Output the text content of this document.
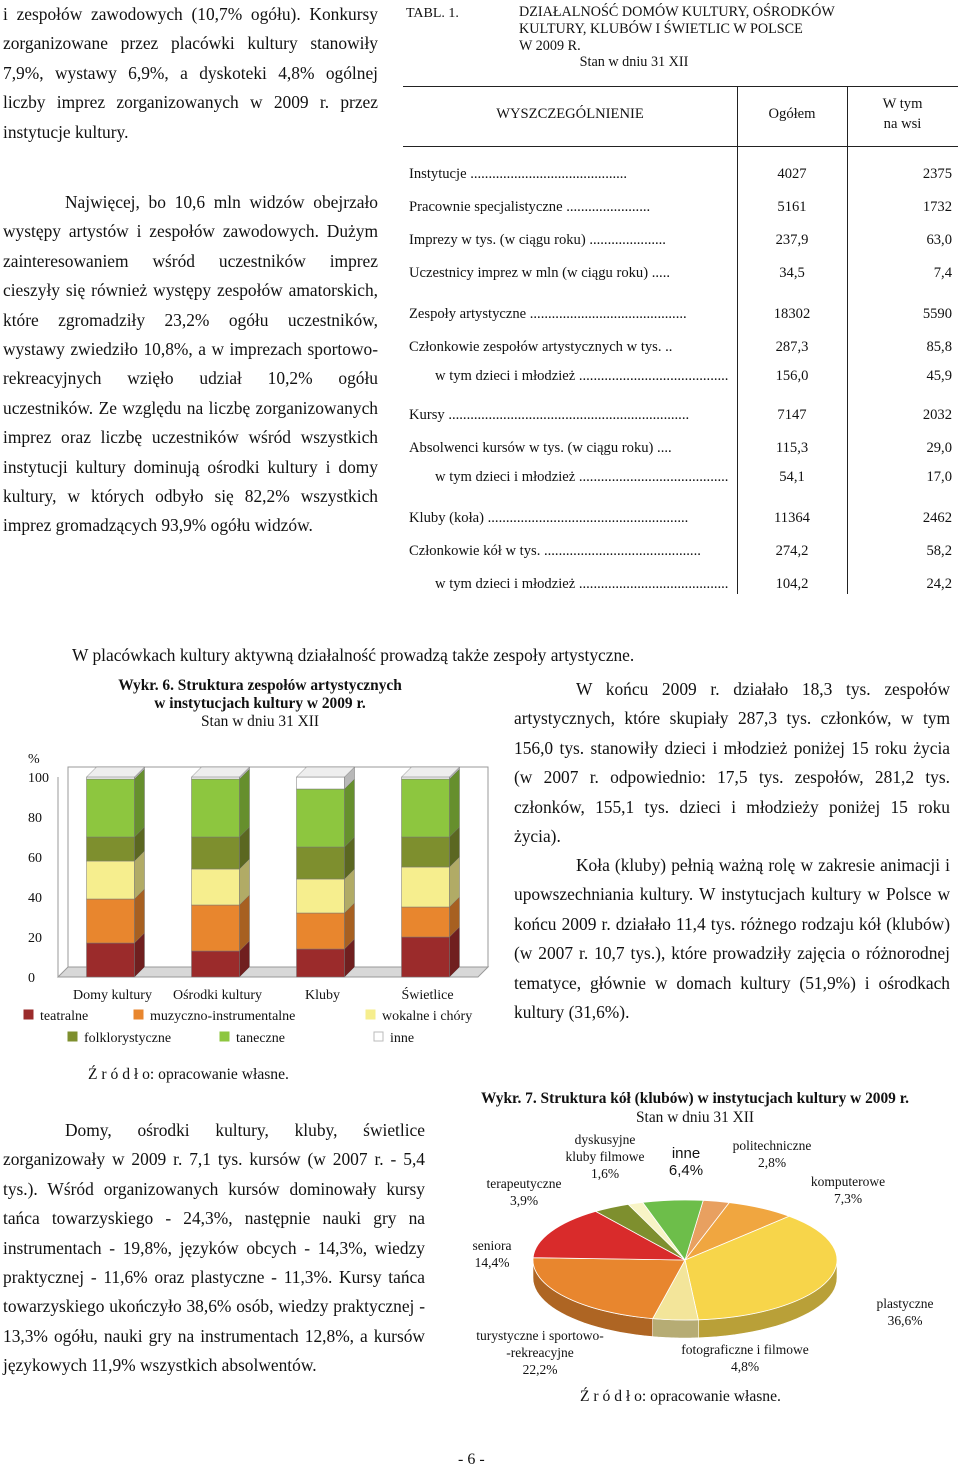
i zespołów zawodowych (10,7% ogółu). Konkursy zorganizowane przez placówki kultury stanowiły 7,9%, wystawy 6,9%, a dyskoteki 4,8% ogólnej liczby imprez zorganizowanych w 2009 r. przez instytucje kultury.

Najwięcej, bo 10,6 mln widzów obejrzało występy artystów i zespołów zawodowych. Dużym zainteresowaniem wśród uczestników imprez cieszyły się również występy zespołów amatorskich, które zgromadziły 23,2% ogółu uczestników, wystawy zwiedziło 10,8%, a w imprezach sportowo-rekreacyjnych wzięło udział 10,2% ogółu uczestników. Ze względu na liczbę zorganizowanych imprez oraz liczbę uczestników wśród wszystkich instytucji kultury dominują ośrodki kultury i domy kultury, w których odbyło się 82,2% wszystkich imprez gromadzących 93,9% ogółu widzów.

TABL. 1.	DZIAŁALNOŚĆ DOMÓW KULTURY, OŚRODKÓW
KULTURY, KLUBÓW I ŚWIETLIC W POLSCE
W 2009 R.
Stan w dniu 31 XII
WYSZCZEGÓLNIENIE	Ogółem
W tym
na wsi
Instytucje ...........................................	4027	2375
Pracownie specjalistyczne .......................	5161	1732
Imprezy w tys. (w ciągu roku) .....................	237,9	63,0
Uczestnicy imprez w mln (w ciągu roku) .....	34,5	7,4
Zespoły artystyczne ...........................................	18302	5590
Członkowie zespołów artystycznych w tys. ..	287,3	85,8
w tym dzieci i młodzież .........................................	156,0	45,9
Kursy ..................................................................	7147	2032
Absolwenci kursów w tys. (w ciągu roku) ....	115,3	29,0
w tym dzieci i młodzież .........................................	54,1	17,0
Kluby (koła) .......................................................	11364	2462
Członkowie kół w tys. ...........................................	274,2	58,2
w tym dzieci i młodzież .........................................	104,2	24,2

W placówkach kultury aktywną działalność prowadzą także zespoły artystyczne.

Wykr. 6. Struktura zespołów artystycznych
w instytucjach kultury w 2009 r.
Stan w dniu 31 XII
0
20
40
60
80
100
%
Domy kultury Ośrodki kultury	Kluby	Świetlice
teatralne	muzyczno-instrumentalne	wokalne i chóry
folklorystyczne	taneczne	inne
Ź r ó d ł o: opracowanie własne.

W końcu 2009 r. działało 18,3 tys. zespołów artystycznych, które skupiały 287,3 tys. członków, w tym 156,0 tys. stanowiły dzieci i młodzież poniżej 15 roku życia (w 2007 r. odpowiednio: 17,5 tys. zespołów, 281,2 tys. członków, 155,1 tys. dzieci i młodzieży poniżej 15 roku życia).

Koła (kluby) pełnią ważną rolę w zakresie animacji i upowszechniania kultury. W instytucjach kultury w Polsce w końcu 2009 r. działało 11,4 tys. różnego rodzaju kół (klubów) (w 2007 r. 10,7 tys.), które prowadziły zajęcia o różnorodnej tematyce, głównie w domach kultury (51,9%) i ośrodkach kultury (31,6%).

Domy, ośrodki kultury, kluby, świetlice zorganizowały w 2009 r. 7,1 tys. kursów (w 2007 r. - 5,4 tys.). Wśród organizowanych kursów dominowały kursy tańca towarzyskiego - 24,3%, następnie nauki gry na instrumentach - 19,8%, języków obcych - 14,3%, wiedzy praktycznej - 11,6% oraz plastyczne - 11,3%. Kursy tańca towarzyskiego ukończyło 38,6% osób, wiedzy praktycznej - 13,3% ogółu, nauki gry na instrumentach 12,8%, a kursów językowych 11,9% wszystkich absolwentów.

Wykr. 7. Struktura kół (klubów) w instytucjach kultury w 2009 r.
Stan w dniu 31 XII
politechniczne
2,8%
komputerowe
7,3%
plastyczne
36,6%
fotograficzne i filmowe
4,8%
turystyczne i sportowo-
-rekreacyjne
22,2%
seniora
14,4%
terapeutyczne
3,9%
dyskusyjne
kluby filmowe
1,6%
inne
6,4%
Ź r ó d ł o: opracowanie własne.
- 6 -
